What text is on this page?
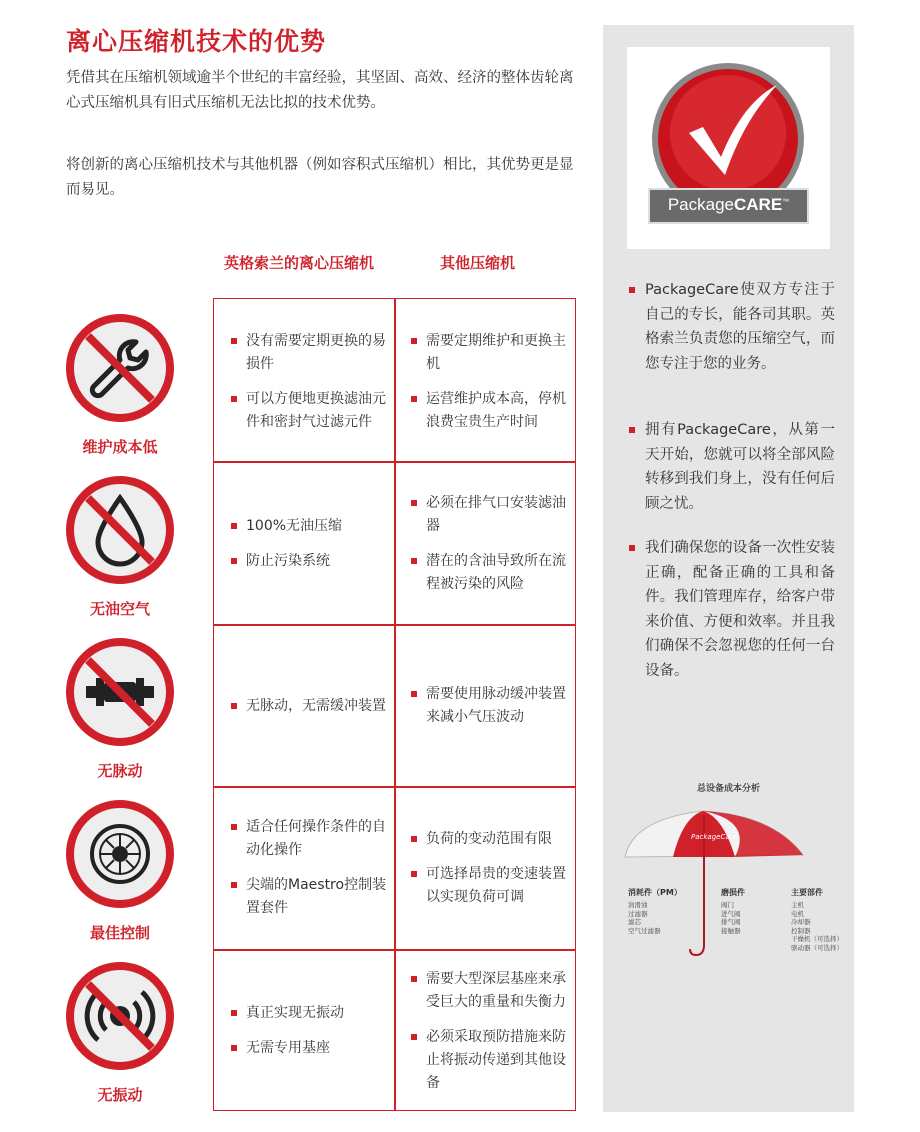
离心压缩机技术的优势

凭借其在压缩机领域逾半个世纪的丰富经验，其坚固、高效、经济的整体齿轮离心式压缩机具有旧式压缩机无法比拟的技术优势。

将创新的离心压缩机技术与其他机器（例如容积式压缩机）相比，其优势更是显而易见。

英格索兰的离心压缩机	其他压缩机
没有需要定期更换的易损件
可以方便地更换滤油元件和密封气过滤元件
需要定期维护和更换主机
运营维护成本高，停机浪费宝贵生产时间
100%无油压缩
防止污染系统
必须在排气口安装滤油器
潜在的含油导致所在流程被污染的风险
无脉动，无需缓冲装置
需要使用脉动缓冲装置来减小气压波动
适合任何操作条件的自动化操作
尖端的Maestro控制装置套件
负荷的变动范围有限
可选择昂贵的变速装置以实现负荷可调
真正实现无振动
无需专用基座
需要大型深层基座来承受巨大的重量和失衡力
必须采取预防措施来防止将振动传递到其他设备
维护成本低
无油空气
无脉动
最佳控制
无振动
PackageCARE™
PackageCare使双方专注于自己的专长，能各司其职。英格索兰负责您的压缩空气，而您专注于您的业务。
拥有PackageCare，从第一天开始，您就可以将全部风险转移到我们身上，没有任何后顾之忧。
我们确保您的设备一次性安装正确，配备正确的工具和备件。我们管理库存，给客户带来价值、方便和效率。并且我们确保不会忽视您的任何一台设备。
总设备成本分析
PackageCare
消耗件（PM）
润滑油
过滤器
滤芯
空气过滤器
磨损件
阀门
进气阀
排气阀
接触器
主要部件
主机
电机
冷却器
控制器
干燥机（可选择）
驱动器（可选择）
